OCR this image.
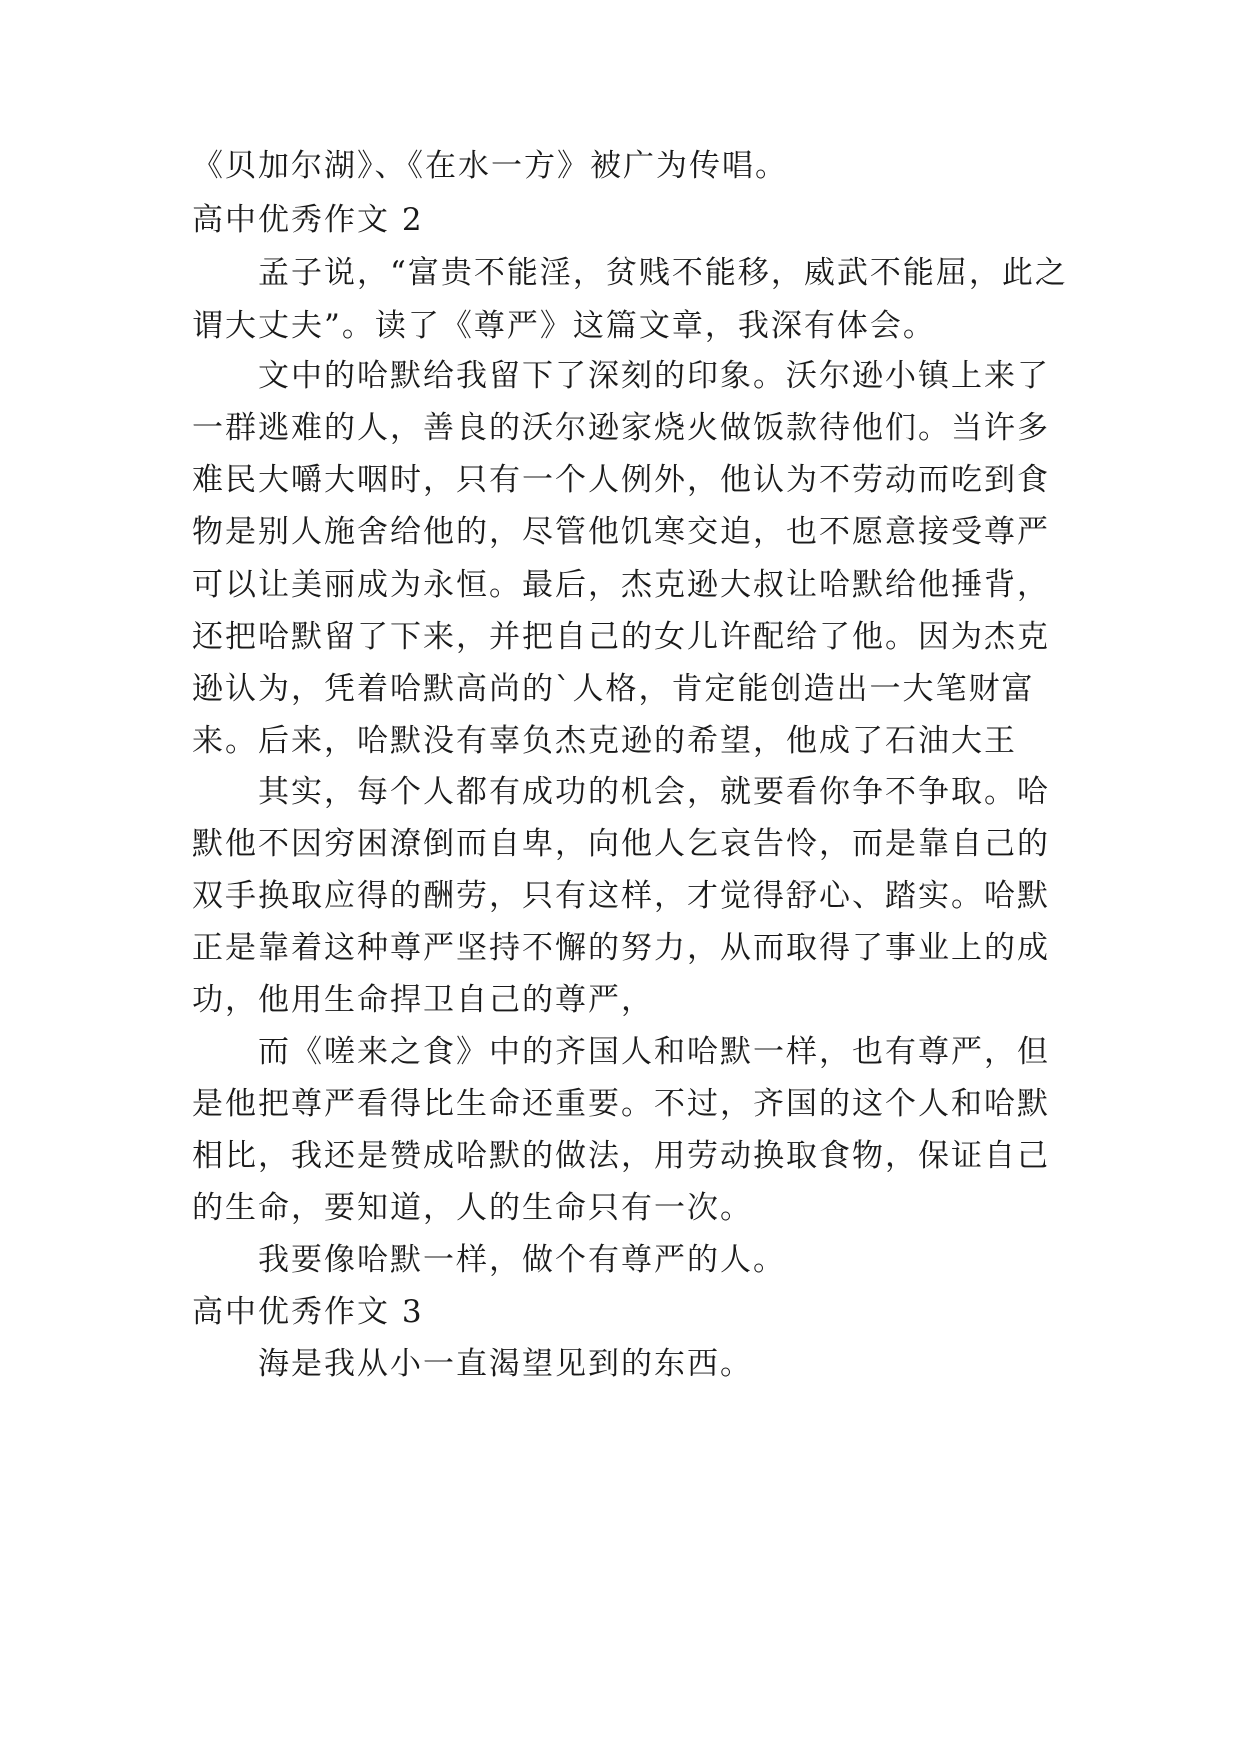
《贝加尔湖》、《在水一方》被广为传唱。

高中优秀作文 2

孟子说，“富贵不能淫，贫贱不能移，威武不能屈，此之

谓大丈夫”。读了《尊严》这篇文章，我深有体会。

文中的哈默给我留下了深刻的印象。沃尔逊小镇上来了

一群逃难的人，善良的沃尔逊家烧火做饭款待他们。当许多

难民大嚼大咽时，只有一个人例外，他认为不劳动而吃到食

物是别人施舍给他的，尽管他饥寒交迫，也不愿意接受尊严

可以让美丽成为永恒。最后，杰克逊大叔让哈默给他捶背，

还把哈默留了下来，并把自己的女儿许配给了他。因为杰克

逊认为，凭着哈默高尚的`人格，肯定能创造出一大笔财富

来。后来，哈默没有辜负杰克逊的希望，他成了石油大王

其实，每个人都有成功的机会，就要看你争不争取。哈

默他不因穷困潦倒而自卑，向他人乞哀告怜，而是靠自己的

双手换取应得的酬劳，只有这样，才觉得舒心、踏实。哈默

正是靠着这种尊严坚持不懈的努力，从而取得了事业上的成

功，他用生命捍卫自己的尊严，

而《嗟来之食》中的齐国人和哈默一样，也有尊严，但

是他把尊严看得比生命还重要。不过，齐国的这个人和哈默

相比，我还是赞成哈默的做法，用劳动换取食物，保证自己

的生命，要知道，人的生命只有一次。

我要像哈默一样，做个有尊严的人。

高中优秀作文 3

海是我从小一直渴望见到的东西。
